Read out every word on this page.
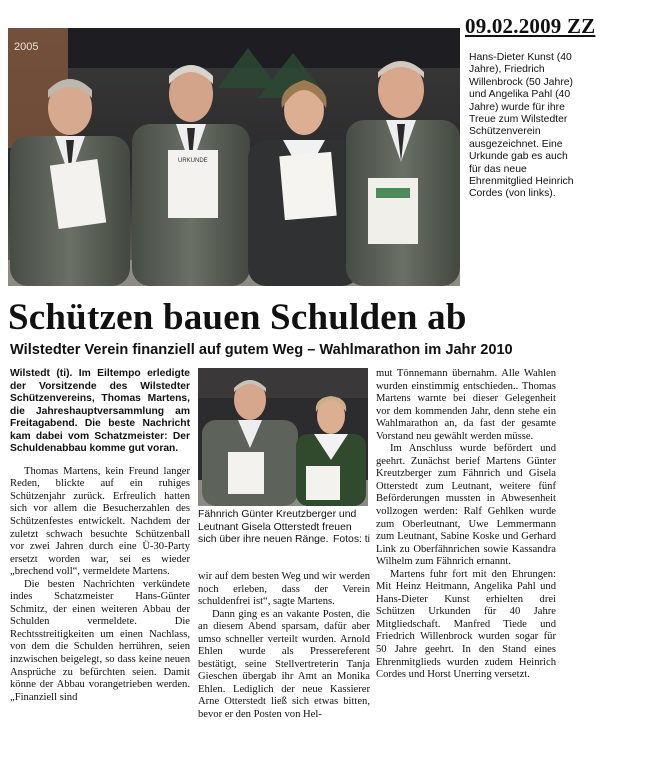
09.02.2009 ZZ
2005
URKUNDE
Hans-Dieter Kunst (40 Jahre), Friedrich Willenbrock (50 Jahre) und Angelika Pahl (40 Jahre) wurde für ihre Treue zum Wilstedter Schützenverein ausgezeichnet. Eine Urkunde gab es auch für das neue Ehrenmitglied Heinrich Cordes (von links).
Schützen bauen Schulden ab
Wilstedter Verein finanziell auf gutem Weg – Wahlmarathon im Jahr 2010

Wilstedt (ti). Im Eiltempo erledigte der Vorsitzende des Wilstedter Schützenvereins, Thomas Martens, die Jahreshauptversammlung am Freitagabend. Die beste Nachricht kam dabei vom Schatzmeister: Der Schuldenabbau komme gut voran.

Thomas Martens, kein Freund langer Reden, blickte auf ein ruhiges Schützenjahr zurück. Erfreulich hatten sich vor allem die Besucherzahlen des Schützenfestes entwickelt. Nachdem der zuletzt schwach besuchte Schützenball vor zwei Jahren durch eine Ü-30-Party ersetzt worden war, sei es wieder „brechend voll“, vermeldete Martens.

Die besten Nachrichten verkündete indes Schatzmeister Hans-Günter Schmitz, der einen weiteren Abbau der Schulden vermeldete. Die Rechtsstreitigkeiten um einen Nachlass, von dem die Schulden herrühren, seien inzwischen beigelegt, so dass keine neuen Ansprüche zu befürchten seien. Damit könne der Abbau vorangetrieben werden. „Finanziell sind

Fähnrich Günter Kreutzberger und Leutnant Gisela Otterstedt freuen sich über ihre neuen Ränge. Fotos: ti

wir auf dem besten Weg und wir werden noch erleben, dass der Verein schuldenfrei ist“, sagte Martens.

Dann ging es an vakante Posten, die an diesem Abend sparsam, dafür aber umso schneller verteilt wurden. Arnold Ehlen wurde als Pressereferent bestätigt, seine Stellvertreterin Tanja Gieschen übergab ihr Amt an Monika Ehlen. Lediglich der neue Kassierer Arne Otterstedt ließ sich etwas bitten, bevor er den Posten von Hel-

mut Tönnemann übernahm. Alle Wahlen wurden einstimmig entschieden.. Thomas Martens warnte bei dieser Gelegenheit vor dem kommenden Jahr, denn stehe ein Wahlmarathon an, da fast der gesamte Vorstand neu gewählt werden müsse.

Im Anschluss wurde befördert und geehrt. Zunächst berief Martens Günter Kreutzberger zum Fähnrich und Gisela Otterstedt zum Leutnant, weitere fünf Beförderungen mussten in Abwesenheit vollzogen werden: Ralf Gehlken wurde zum Oberleutnant, Uwe Lemmermann zum Leutnant, Sabine Koske und Gerhard Link zu Oberfähnrichen sowie Kassandra Wilhelm zum Fähnrich ernannt.

Martens fuhr fort mit den Ehrungen: Mit Heinz Heitmann, Angelika Pahl und Hans-Dieter Kunst erhielten drei Schützen Urkunden für 40 Jahre Mitgliedschaft. Manfred Tiede und Friedrich Willenbrock wurden sogar für 50 Jahre geehrt. In den Stand eines Ehrenmitglieds wurden zudem Heinrich Cordes und Horst Unerring versetzt.
